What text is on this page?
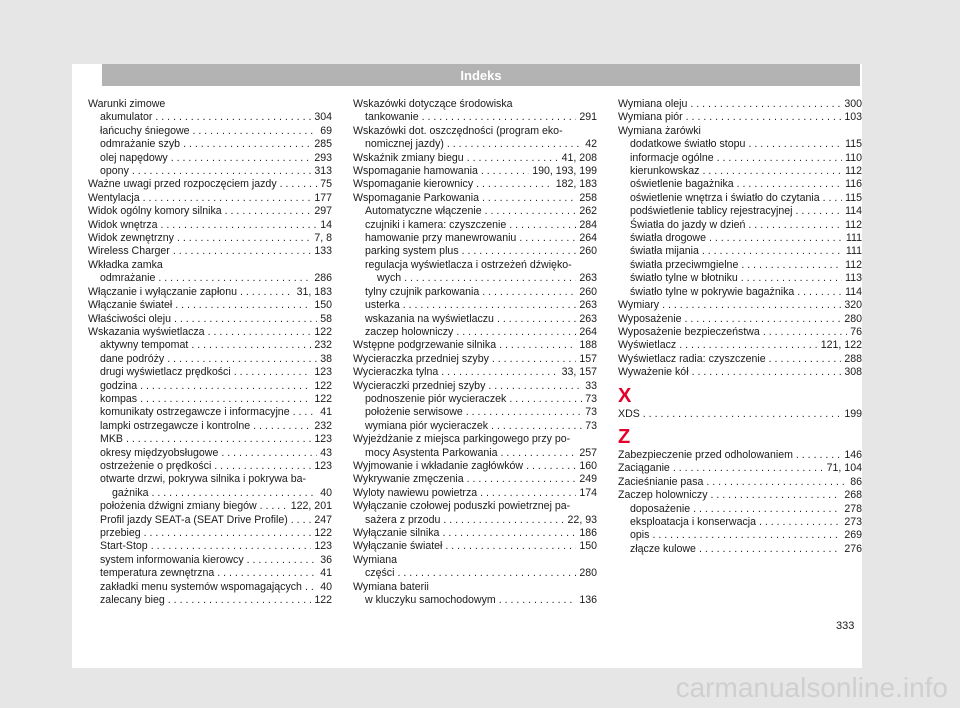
Indeks
Warunki zimowe
akumulator . . .	304
łańcuchy śniegowe . . .	69
odmrażanie szyb . . .	285
olej napędowy . . .	293
opony . . .	313
Ważne uwagi przed rozpoczęciem jazdy . . .	75
Wentylacja . . .	177
Widok ogólny komory silnika . . .	297
Widok wnętrza . . .	14
Widok zewnętrzny . . .	7, 8
Wireless Charger . . .	133
Wkładka zamka
odmrażanie . . .	286
Włączanie i wyłączanie zapłonu . . .	31, 183
Włączanie świateł . . .	150
Właściwości oleju . . .	58
Wskazania wyświetlacza . . .	122
aktywny tempomat . . .	232
dane podróży . . .	38
drugi wyświetlacz prędkości . . .	123
godzina . . .	122
kompas . . .	122
komunikaty ostrzegawcze i informacyjne . . .	41
lampki ostrzegawcze i kontrolne . . .	232
MKB . . .	123
okresy międzyobsługowe . . .	43
ostrzeżenie o prędkości . . .	123
otwarte drzwi, pokrywa silnika i pokrywa ba-
gażnika . . .	40
położenia dźwigni zmiany biegów . . .	122, 201
Profil jazdy SEAT-a (SEAT Drive Profile) . . .	247
przebieg . . .	122
Start-Stop . . .	123
system informowania kierowcy . . .	36
temperatura zewnętrzna . . .	41
zakładki menu systemów wspomagających . . . 40
zalecany bieg . . .	122
Wskazówki dotyczące środowiska
tankowanie . . .	291
Wskazówki dot. oszczędności (program eko-
nomicznej jazdy) . . .	42
Wskaźnik zmiany biegu . . .	41, 208
Wspomaganie hamowania . . .	190, 193, 199
Wspomaganie kierownicy . . .	182, 183
Wspomaganie Parkowania . . .	258
Automatyczne włączenie . . .	262
czujniki i kamera: czyszczenie . . .	284
hamowanie przy manewrowaniu . . .	264
parking system plus . . .	260
regulacja wyświetlacza i ostrzeżeń dźwięko-
wych . . .	263
tylny czujnik parkowania . . .	260
usterka . . .	263
wskazania na wyświetlaczu . . .	263
zaczep holowniczy . . .	264
Wstępne podgrzewanie silnika . . .	188
Wycieraczka przedniej szyby . . .	157
Wycieraczka tylna . . .	33, 157
Wycieraczki przedniej szyby . . .	33
podnoszenie piór wycieraczek . . .	73
położenie serwisowe . . .	73
wymiana piór wycieraczek . . .	73
Wyjeżdżanie z miejsca parkingowego przy po-
mocy Asystenta Parkowania . . .	257
Wyjmowanie i wkładanie zagłówków . . .	160
Wykrywanie zmęczenia . . .	249
Wyloty nawiewu powietrza . . .	174
Wyłączanie czołowej poduszki powietrznej pa-
sażera z przodu . . .	22, 93
Wyłączanie silnika . . .	186
Wyłączanie świateł . . .	150
Wymiana
części . . .	280
Wymiana baterii
w kluczyku samochodowym . . .	136
Wymiana oleju . . .	300
Wymiana piór . . .	103
Wymiana żarówki
dodatkowe światło stopu . . .	115
informacje ogólne . . .	110
kierunkowskaz . . .	112
oświetlenie bagażnika . . .	116
oświetlenie wnętrza i światło do czytania . . . 115
podświetlenie tablicy rejestracyjnej . . .	114
Światła do jazdy w dzień . . .	112
światła drogowe . . .	111
światła mijania . . .	111
światła przeciwmgielne . . .	112
światło tylne w błotniku . . .	113
światło tylne w pokrywie bagażnika . . .	114
Wymiary . . .	320
Wyposażenie . . .	280
Wyposażenie bezpieczeństwa . . .	76
Wyświetlacz . . .	121, 122
Wyświetlacz radia: czyszczenie . . .	288
Wyważenie kół . . .	308
X
XDS . . .	199
Z
Zabezpieczenie przed odholowaniem . . .	146
Zaciąganie . . .	71, 104
Zacieśnianie pasa . . .	86
Zaczep holowniczy . . .	268
doposażenie . . .	278
eksploatacja i konserwacja . . .	273
opis . . .	269
złącze kulowe . . .	276
333
carmanualsonline.info
